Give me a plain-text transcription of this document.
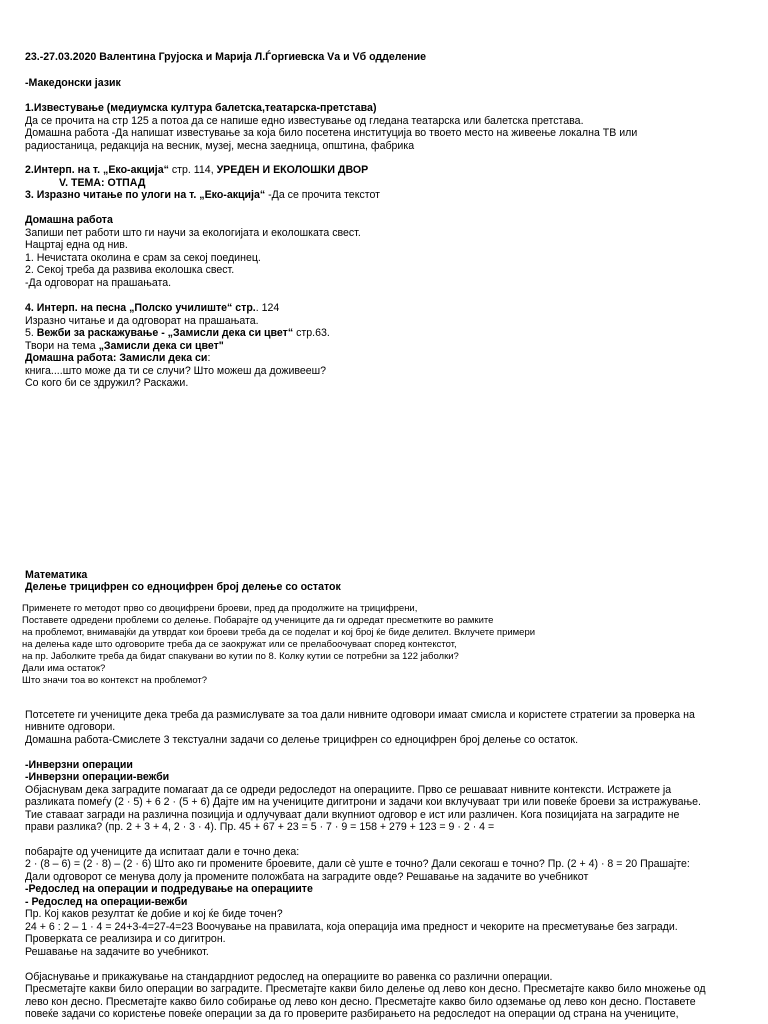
23.-27.03.2020 Валентина Грујоска и Марија Л.Ѓоргиевска Vа и Vб одделение
-Македонски јазик
1.Известување (медиумска култура балетска,театарска-претстава)
Да се прочита на стр 125 а потоа да се напише едно известување од гледана театарска или балетска претстава.
Домашна работа -Да напишат известување за која било посетена институција во твоето место на живеење локална ТВ или
радиостаница, редакција на весник, музеј, месна заедница, општина, фабрика
2.Интерп. на т. „Еко-акција“ стр. 114, УРЕДЕН И ЕКОЛОШКИ ДВОР
V. ТЕМА: ОТПАД
3. Изразно читање по улоги на т. „Еко-акција“ -Да се прочита текстот
Домашна работа
Запиши пет работи што ги научи за екологијата и еколошката свест.
Нацртај една од нив.
1. Нечистата околина е срам за секој поединец.
2. Секој треба да развива еколошка свест.
-Да одговорат на прашањата.
4. Интерп. на песна „Полско училиште“ стр.. 124
Изразно читање и да одговорат на прашањата.
5. Вежби за раскажување - „Замисли дека си цвет“ стр.63.
Твори на тема „Замисли дека си цвет"
Домашна работа: Замисли дека си:
книга....што може да ти се случи? Што можеш да доживееш?
Со кого би се здружил? Раскажи.
Математика
Делење трицифрен со едноцифрен број делење со остаток
Применете го методот прво со двоцифрени броеви, пред да продолжите на трицифрени,
Поставете одредени проблеми со делење. Побарајте од учениците да ги одредат пресметките во рамките
на проблемот, внимавајќи да утврдат кои броеви треба да се поделат и кој број ќе биде делител. Вклучете примери
на делења каде што одговорите треба да се заокружат или се прелабоочуваат според контекстот,
на пр. Јаболките треба да бидат спакувани во кутии по 8. Колку кутии се потребни за 122 јаболки?
Дали има остаток?
Што значи тоа во контекст на проблемот?
Потсетете ги учениците дека треба да размислувате за тоа дали нивните одговори имаат смисла и користете стратегии за проверка на
нивните одговори.
Домашна работа-Смислете 3 текстуални задачи со делење трицифрен со едноцифрен број делење со остаток.
-Инверзни операции
-Инверзни операции-вежби
Објаснувам дека заградите помагаат да се одреди редоследот на операциите. Прво се решаваат нивните контексти. Истражете ја
разликата помеѓу (2 · 5) + 6 2 · (5 + 6) Дајте им на учениците дигитрони и задачи кои вклучуваат три или повеќе броеви за истражување.
Тие ставаат загради на различна позиција и одлучуваат дали вкупниот одговор е ист или различен. Кога позицијата на заградите не
прави разлика? (пр. 2 + 3 + 4, 2 · 3 · 4). Пр. 45 + 67 + 23 = 5 · 7 · 9 = 158 + 279 + 123 = 9 · 2 · 4 =
побарајте од учениците да испитаат дали е точно дека:
2 · (8 – 6) = (2 · 8) – (2 · 6) Што ако ги промените броевите, дали сè уште е точно? Дали секогаш е точно? Пр. (2 + 4) · 8 = 20 Прашајте:
Дали одговорот се менува долу ја промените положбата на заградите овде? Решавање на задачите во учебникот
-Редослед на операции и подредување на операциите
- Редослед на операции-вежби
Пр. Кој каков резултат ќе добие и кој ќе биде точен?
24 + 6 : 2 – 1 · 4 = 24+3-4=27-4=23 Воочување на правилата, која операција има предност и чекорите на пресметување без загради.
Проверката се реализира и со дигитрон.
Решавање на задачите во учебникот.
Објаснување и прикажување на стандардниот редослед на операциите во равенка со различни операции.
Пресметајте какви било операции во заградите. Пресметајте какви било делење од лево кон десно. Пресметајте какво било множење од
лево кон десно. Пресметајте какво било собирање од лево кон десно. Пресметајте какво било одземање од лево кон десно. Поставете
повеќе задачи со користење повеќе операции за да го проверите разбирањето на редоследот на операции од страна на учениците,
